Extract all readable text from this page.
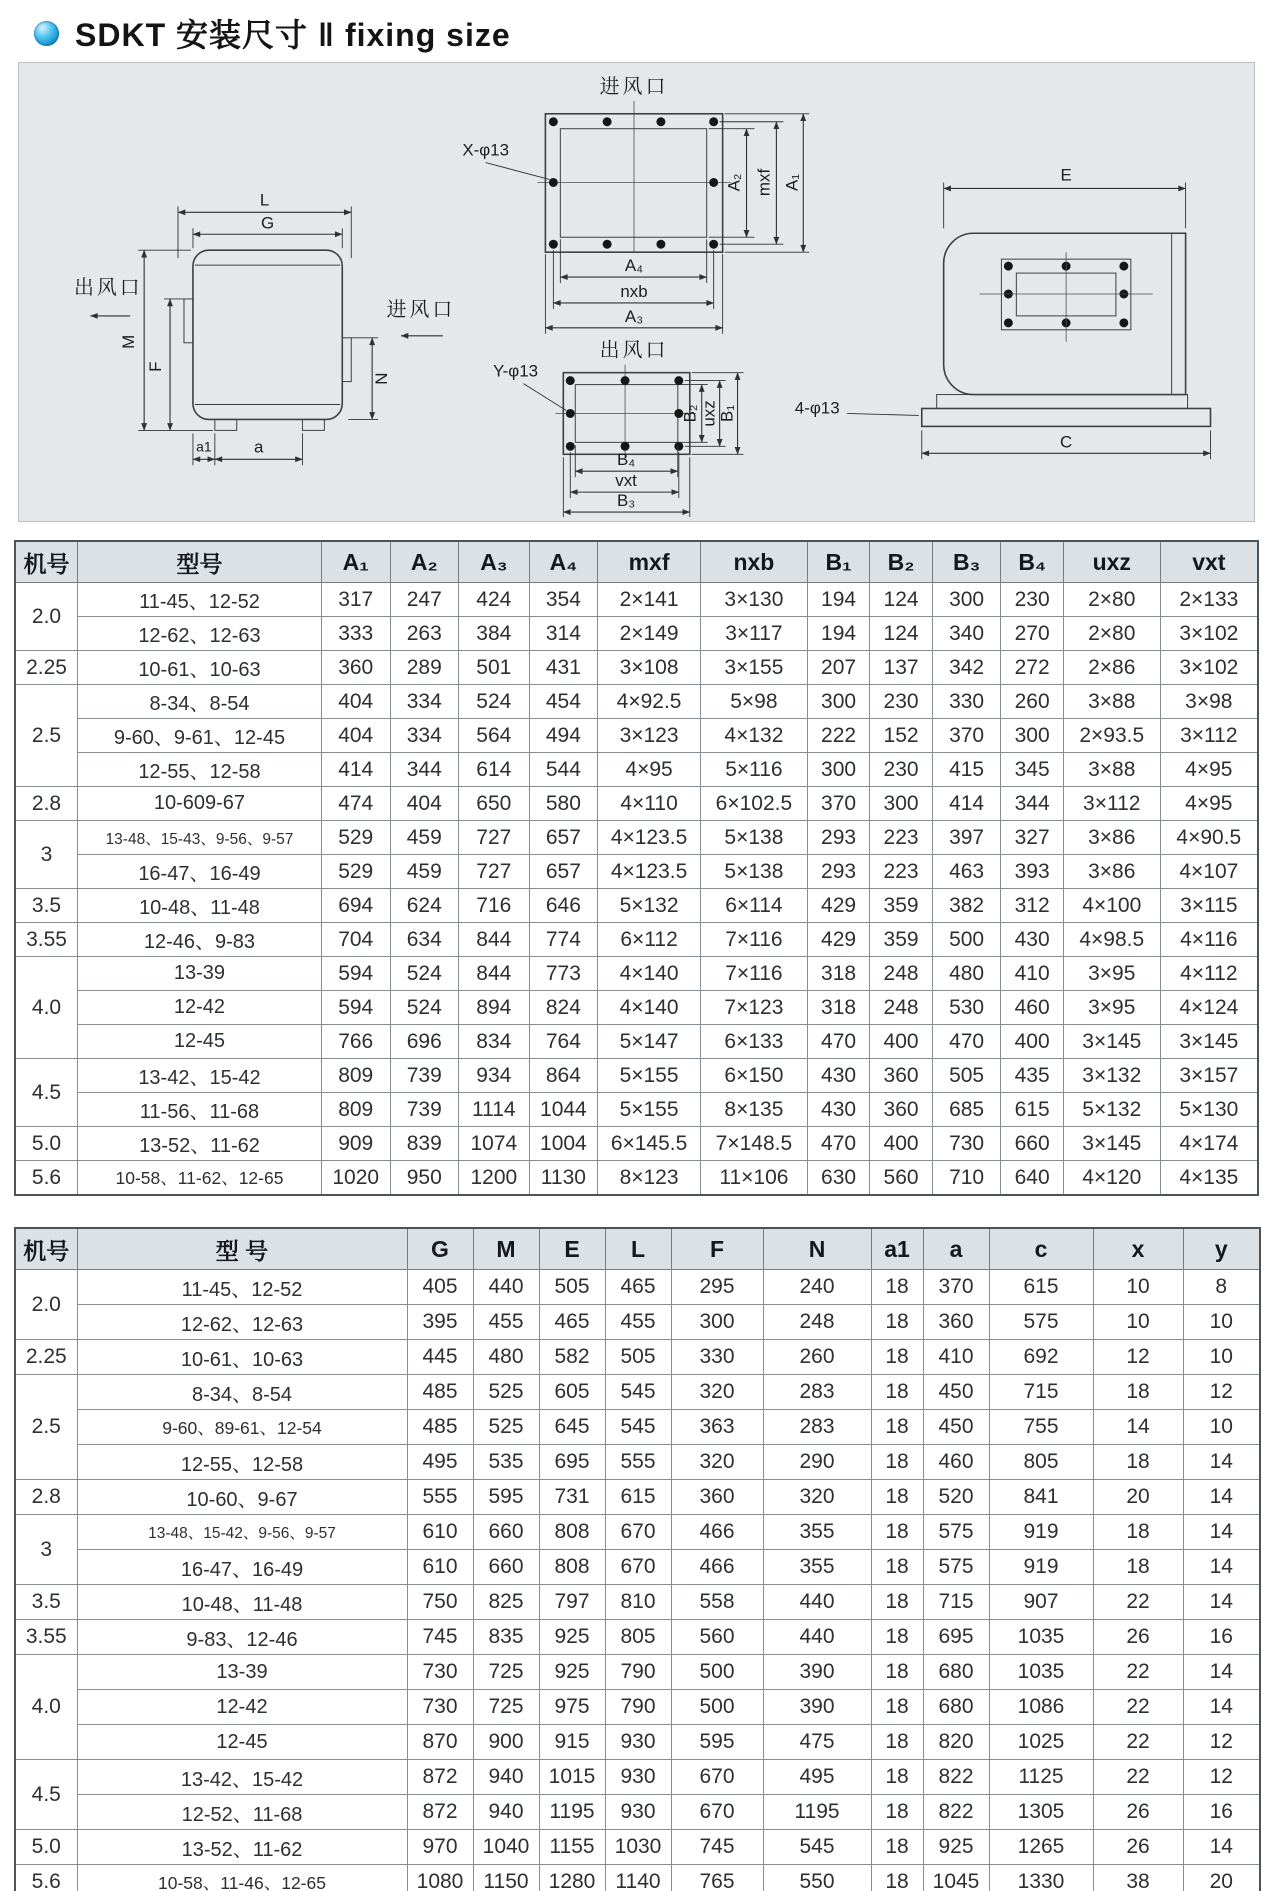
SDKT 安装尺寸 ‖ fixing size
L
G
M
F
出风口
N
进风口
a1 a
进风口
X-φ13
A₄
nxb
A₃
A₂ mxf A₁
出风口
Y-φ13
B₂ uxz
B₁
B₄
vxt
B₃
E
4-φ13
C
机号	型号	A₁	A₂	A₃	A₄	mxf	nxb	B₁	B₂	B₃	B₄	uxz	vxt
2.0	11-45、12-52	317	247	424	354	2×141	3×130	194	124	300	230	2×80	2×133
	12-62、12-63	333	263	384	314	2×149	3×117	194	124	340	270	2×80	3×102
2.25	10-61、10-63	360	289	501	431	3×108	3×155	207	137	342	272	2×86	3×102
2.5	8-34、8-54	404	334	524	454	4×92.5	5×98	300	230	330	260	3×88	3×98
	9-60、9-61、12-45	404	334	564	494	3×123	4×132	222	152	370	300	2×93.5	3×112
	12-55、12-58	414	344	614	544	4×95	5×116	300	230	415	345	3×88	4×95
2.8	10-609-67	474	404	650	580	4×110	6×102.5	370	300	414	344	3×112	4×95
3	13-48、15-43、9-56、9-57	529	459	727	657	4×123.5	5×138	293	223	397	327	3×86	4×90.5
	16-47、16-49	529	459	727	657	4×123.5	5×138	293	223	463	393	3×86	4×107
3.5	10-48、11-48	694	624	716	646	5×132	6×114	429	359	382	312	4×100	3×115
3.55	12-46、9-83	704	634	844	774	6×112	7×116	429	359	500	430	4×98.5	4×116
4.0	13-39	594	524	844	773	4×140	7×116	318	248	480	410	3×95	4×112
	12-42	594	524	894	824	4×140	7×123	318	248	530	460	3×95	4×124
	12-45	766	696	834	764	5×147	6×133	470	400	470	400	3×145	3×145
4.5	13-42、15-42	809	739	934	864	5×155	6×150	430	360	505	435	3×132	3×157
	11-56、11-68	809	739	1114	1044	5×155	8×135	430	360	685	615	5×132	5×130
5.0	13-52、11-62	909	839	1074	1004	6×145.5	7×148.5	470	400	730	660	3×145	4×174
5.6	10-58、11-62、12-65	1020	950	1200	1130	8×123	11×106	630	560	710	640	4×120	4×135
机号	型 号	G	M	E	L	F	N	a1	a	c	x	y
2.0	11-45、12-52	405	440	505	465	295	240	18	370	615	10	8
	12-62、12-63	395	455	465	455	300	248	18	360	575	10	10
2.25	10-61、10-63	445	480	582	505	330	260	18	410	692	12	10
2.5	8-34、8-54	485	525	605	545	320	283	18	450	715	18	12
	9-60、89-61、12-54	485	525	645	545	363	283	18	450	755	14	10
	12-55、12-58	495	535	695	555	320	290	18	460	805	18	14
2.8	10-60、9-67	555	595	731	615	360	320	18	520	841	20	14
3	13-48、15-42、9-56、9-57	610	660	808	670	466	355	18	575	919	18	14
	16-47、16-49	610	660	808	670	466	355	18	575	919	18	14
3.5	10-48、11-48	750	825	797	810	558	440	18	715	907	22	14
3.55	9-83、12-46	745	835	925	805	560	440	18	695	1035	26	16
4.0	13-39	730	725	925	790	500	390	18	680	1035	22	14
	12-42	730	725	975	790	500	390	18	680	1086	22	14
	12-45	870	900	915	930	595	475	18	820	1025	22	12
4.5	13-42、15-42	872	940	1015	930	670	495	18	822	1125	22	12
	12-52、11-68	872	940	1195	930	670	1195	18	822	1305	26	16
5.0	13-52、11-62	970	1040	1155	1030	745	545	18	925	1265	26	14
5.6	10-58、11-46、12-65	1080	1150	1280	1140	765	550	18	1045	1330	38	20
